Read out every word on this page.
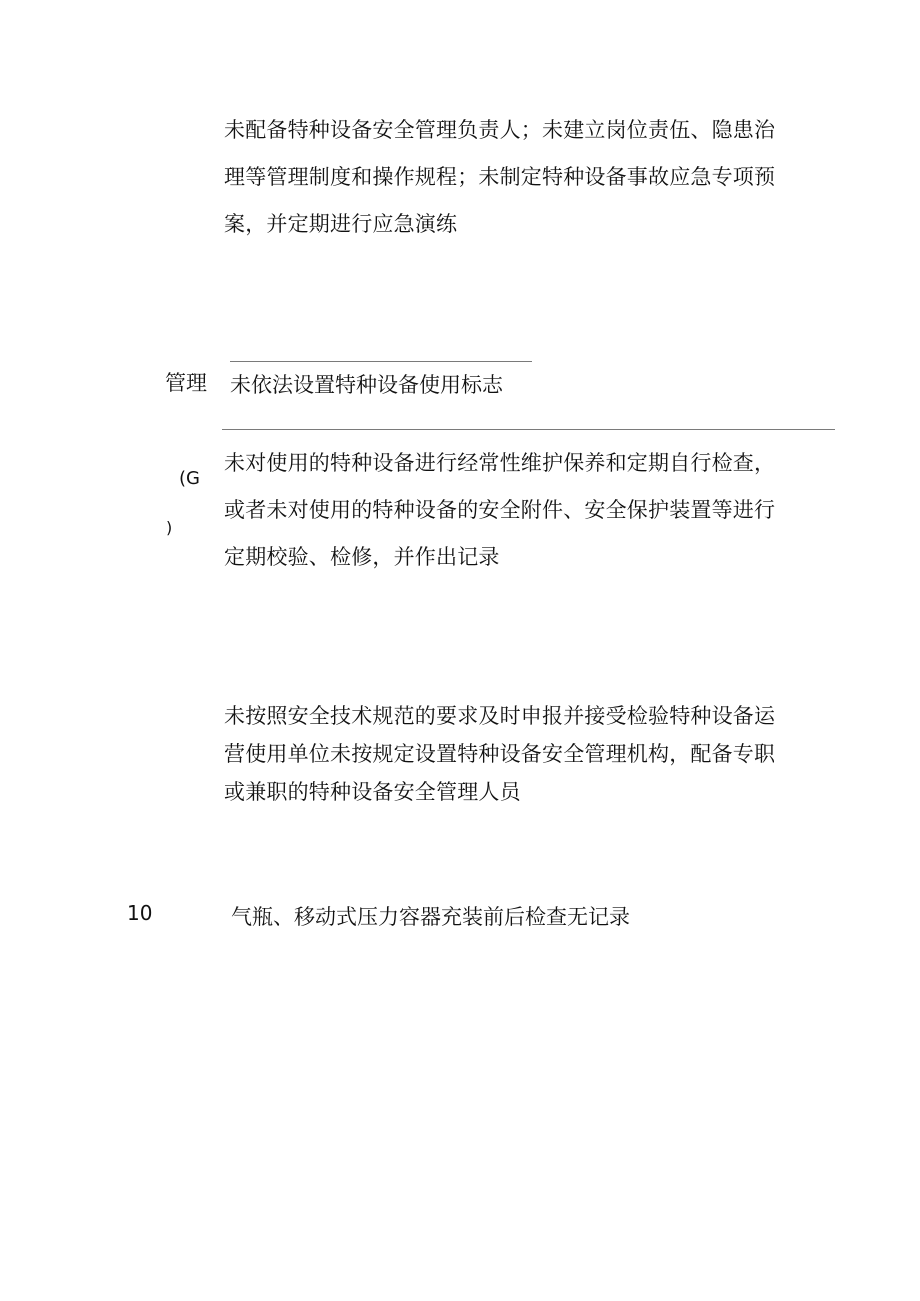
未配备特种设备安全管理负责人；未建立岗位责伍、隐患治
理等管理制度和操作规程；未制定特种设备事故应急专项预
案，并定期进行应急演练
管理 未依法设置特种设备使用标志
(G
)
未对使用的特种设备进行经常性维护保养和定期自行检查，
或者未对使用的特种设备的安全附件、安全保护装置等进行
定期校验、检修，并作出记录
未按照安全技术规范的要求及时申报并接受检验特种设备运
营使用单位未按规定设置特种设备安全管理机构，配备专职
或兼职的特种设备安全管理人员
10	气瓶、移动式压力容器充装前后检查无记录
